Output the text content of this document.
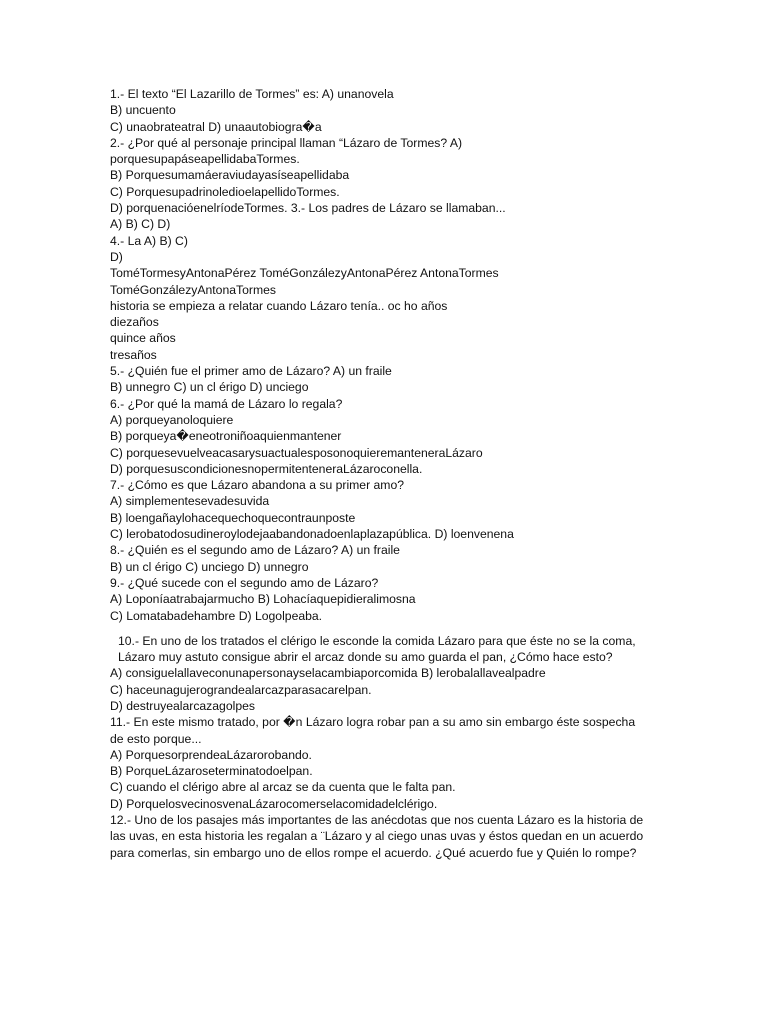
1.- El texto “El Lazarillo de Tormes” es: A) unanovela
B) uncuento
C) unaobrateatral D) unaautobiogra�a
2.- ¿Por qué al personaje principal llaman “Lázaro de Tormes? A)
porquesupapáseapellidabaTormes.
B) Porquesumamáeraviudayasíseapellidaba
C) PorquesupadrinoledioelapellidoTormes.
D) porquenacióenelríodeTormes. 3.- Los padres de Lázaro se llamaban...
A) B) C) D)
4.- La A) B) C)
D)
ToméTormesyAntonaPérez ToméGonzálezyAntonaPérez AntonaTormes
ToméGonzálezyAntonaTormes
historia se empieza a relatar cuando Lázaro tenía.. oc ho años
diezaños
quince años
tresaños
5.- ¿Quién fue el primer amo de Lázaro? A) un fraile
B) unnegro C) un cl érigo D) unciego
6.- ¿Por qué la mamá de Lázaro lo regala?
A) porqueyanoloquiere
B) porqueya�eneotroniñoaquienmantener
C) porquesevuelveacasarysuactualesposonoquieremantenerаLázaro
D) porquesuscondicionesnopermitentenerаLázaroconella.
7.- ¿Cómo es que Lázaro abandona a su primer amo?
A) simplementesevadesuvida
B) loengañaylohacequechoquecontraunposte
C) lerobatodosudineroylodejaabandonadoenlaplazapública. D) loenvenena
8.- ¿Quién es el segundo amo de Lázaro? A) un fraile
B) un cl érigo C) unciego D) unnegro
9.- ¿Qué sucede con el segundo amo de Lázaro?
A) Loponíaatrabajarmucho B) Lohacíaquepidieralimosna
C) Lomatabadehambre D) Logolpeaba.
10.- En uno de los tratados el clérigo le esconde la comida Lázaro para que éste no se la coma, Lázaro muy astuto consigue abrir el arcaz donde su amo guarda el pan, ¿Cómo hace esto?
A) consiguelallaveconunapersonayselacambiaporcomida B) lerobalallavealpadre
C) haceunagujerograndealarcazparasacarelpan.
D) destruyealarcazagolpes
11.- En este mismo tratado, por �n Lázaro logra robar pan a su amo sin embargo éste sospecha de esto porque...
A) PorquesorprendeaLázarorobando.
B) PorqueLázaroseterminatodoelpan.
C) cuando el clérigo abre al arcaz se da cuenta que le falta pan.
D) PorquelosvecinosvenaLázarocomerselacomidadelclérigo.
12.- Uno de los pasajes más importantes de las anécdotas que nos cuenta Lázaro es la historia de las uvas, en esta historia les regalan a ¨Lázaro y al ciego unas uvas y éstos quedan en un acuerdo para comerlas, sin embargo uno de ellos rompe el acuerdo. ¿Qué acuerdo fue y Quién lo rompe?
